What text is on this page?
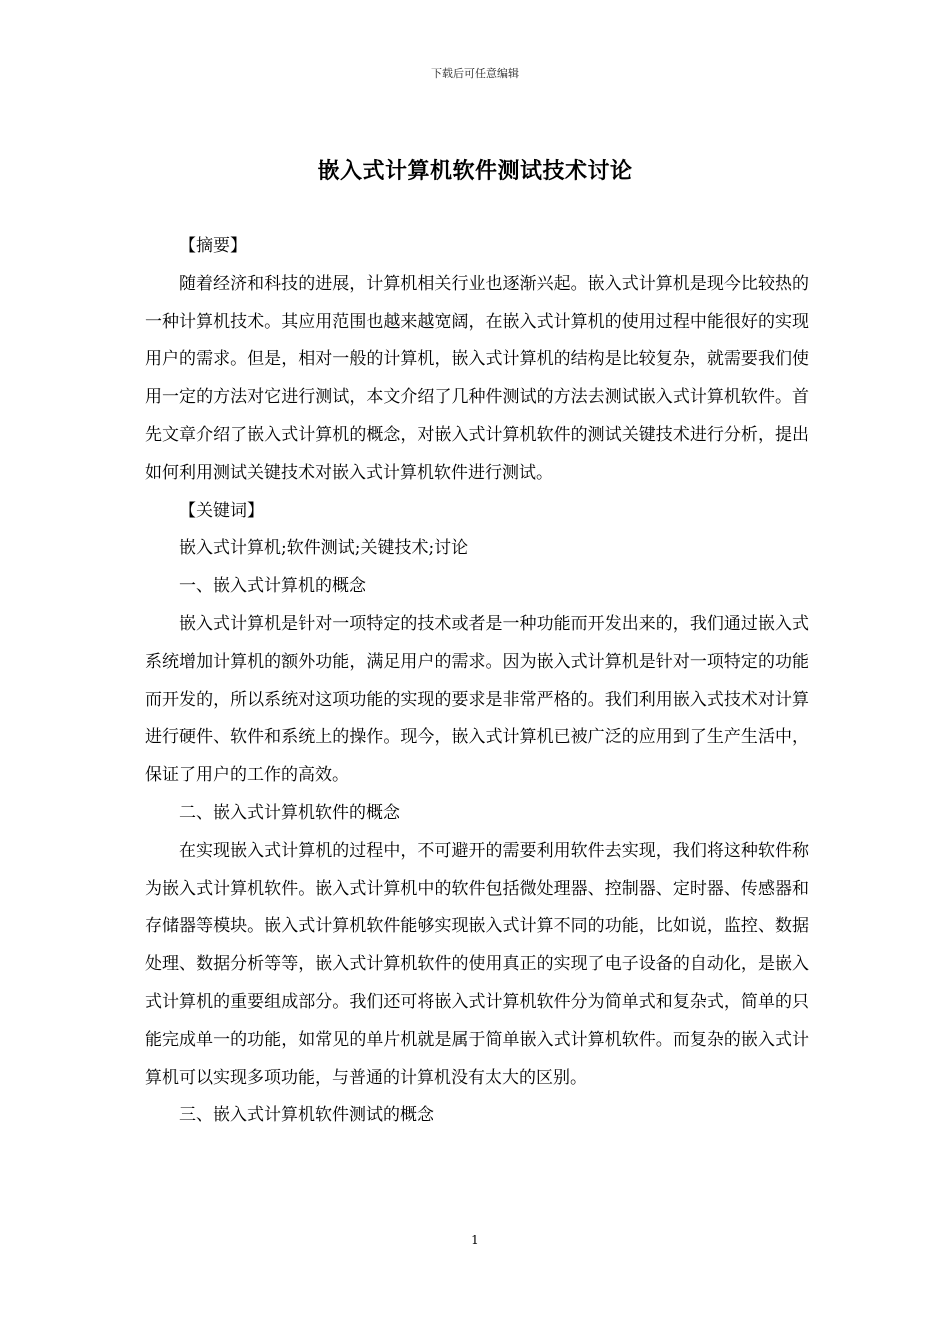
下载后可任意编辑
嵌入式计算机软件测试技术讨论

【摘要】

随着经济和科技的进展，计算机相关行业也逐渐兴起。嵌入式计算机是现今比较热的一种计算机技术。其应用范围也越来越宽阔，在嵌入式计算机的使用过程中能很好的实现用户的需求。但是，相对一般的计算机，嵌入式计算机的结构是比较复杂，就需要我们使用一定的方法对它进行测试，本文介绍了几种件测试的方法去测试嵌入式计算机软件。首先文章介绍了嵌入式计算机的概念，对嵌入式计算机软件的测试关键技术进行分析，提出如何利用测试关键技术对嵌入式计算机软件进行测试。

【关键词】

嵌入式计算机;软件测试;关键技术;讨论

一、嵌入式计算机的概念

嵌入式计算机是针对一项特定的技术或者是一种功能而开发出来的，我们通过嵌入式系统增加计算机的额外功能，满足用户的需求。因为嵌入式计算机是针对一项特定的功能而开发的，所以系统对这项功能的实现的要求是非常严格的。我们利用嵌入式技术对计算进行硬件、软件和系统上的操作。现今，嵌入式计算机已被广泛的应用到了生产生活中，保证了用户的工作的高效。

二、嵌入式计算机软件的概念

在实现嵌入式计算机的过程中，不可避开的需要利用软件去实现，我们将这种软件称为嵌入式计算机软件。嵌入式计算机中的软件包括微处理器、控制器、定时器、传感器和存储器等模块。嵌入式计算机软件能够实现嵌入式计算不同的功能，比如说，监控、数据处理、数据分析等等，嵌入式计算机软件的使用真正的实现了电子设备的自动化，是嵌入式计算机的重要组成部分。我们还可将嵌入式计算机软件分为简单式和复杂式，简单的只能完成单一的功能，如常见的单片机就是属于简单嵌入式计算机软件。而复杂的嵌入式计算机可以实现多项功能，与普通的计算机没有太大的区别。

三、嵌入式计算机软件测试的概念

1
